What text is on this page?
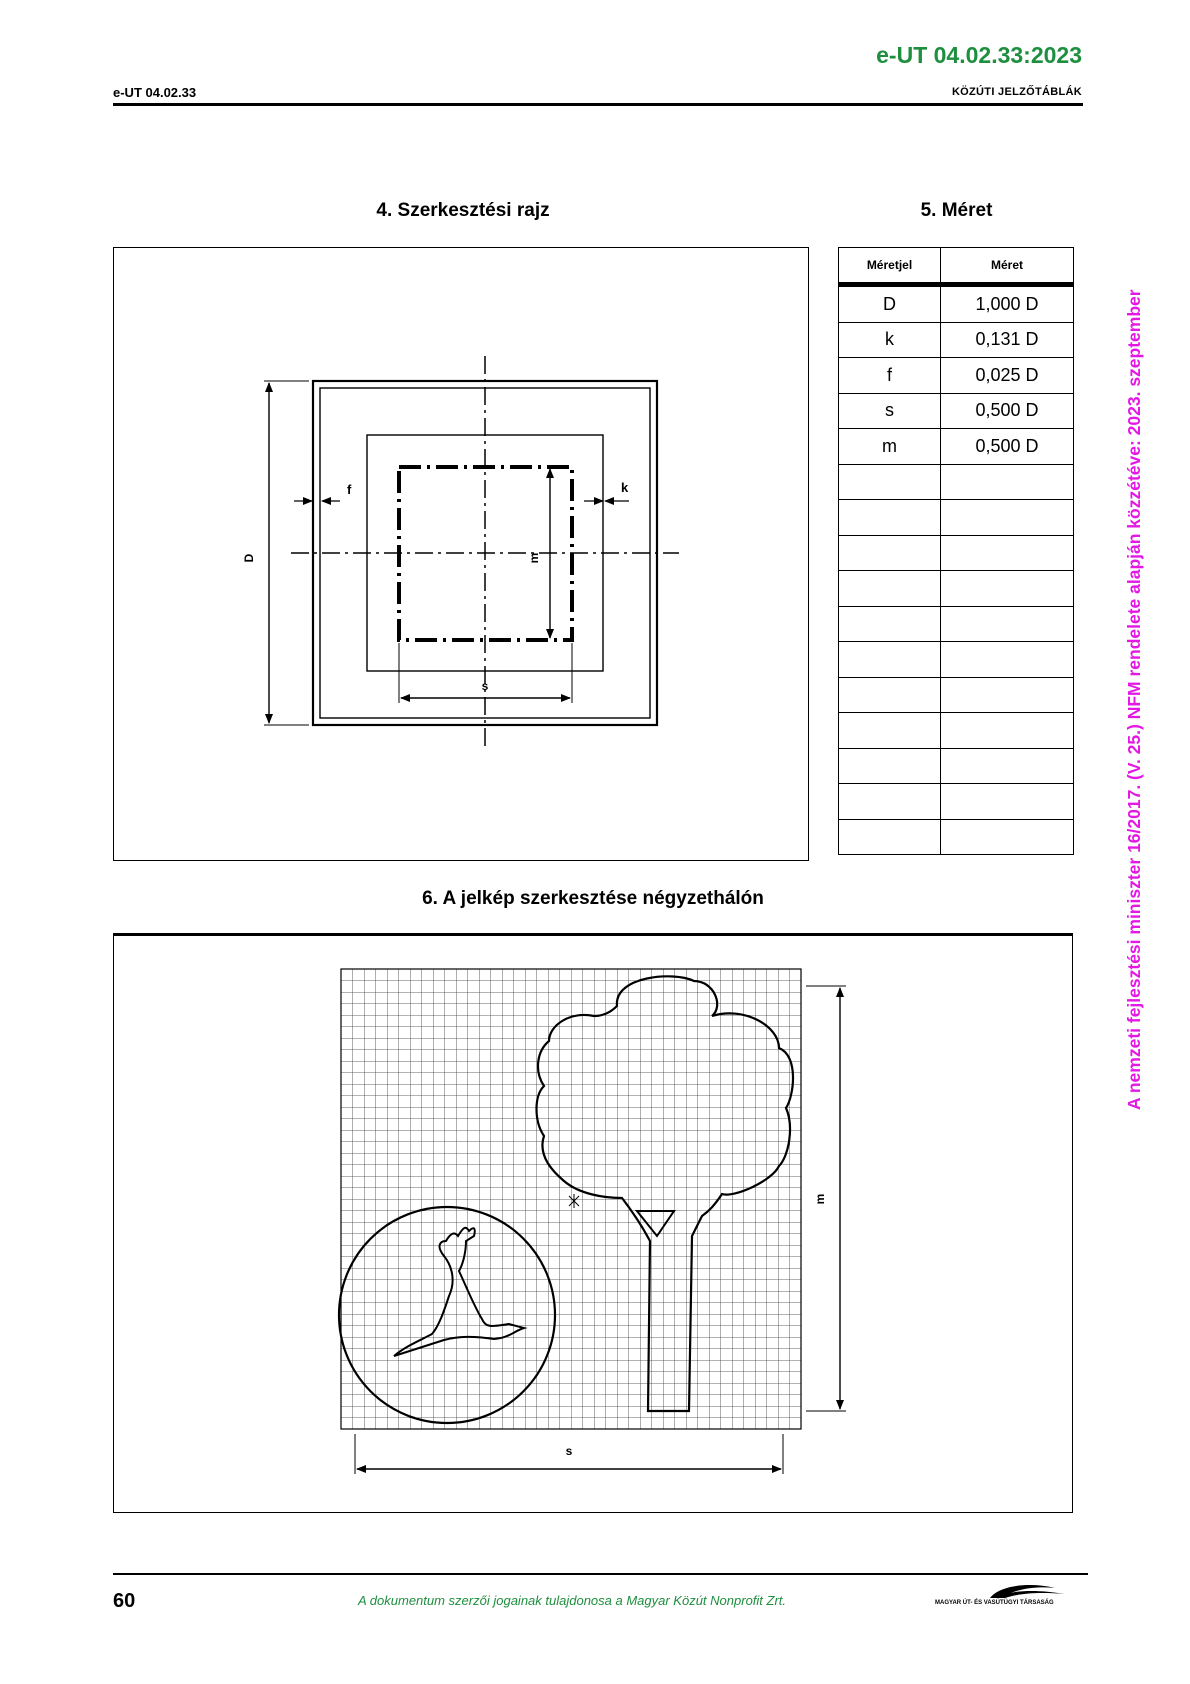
e-UT 04.02.33:2023
e-UT 04.02.33	KÖZÚTI JELZŐTÁBLÁK
A nemzeti fejlesztési miniszter 16/2017. (V. 25.) NFM rendelete alapján közzétéve: 2023. szeptember
4. Szerkesztési rajz	5. Méret
D
f	k
m
s
Méretjel	Méret
D	1,000 D
k	0,131 D
f	0,025 D
s	0,500 D
m	0,500 D

6. A jelkép szerkesztése négyzethálón
m
s
60	A dokumentum szerzői jogainak tulajdonosa a Magyar Közút Nonprofit Zrt.	MAGYAR ÚT- ÉS VASÚTÜGYI TÁRSASÁG
